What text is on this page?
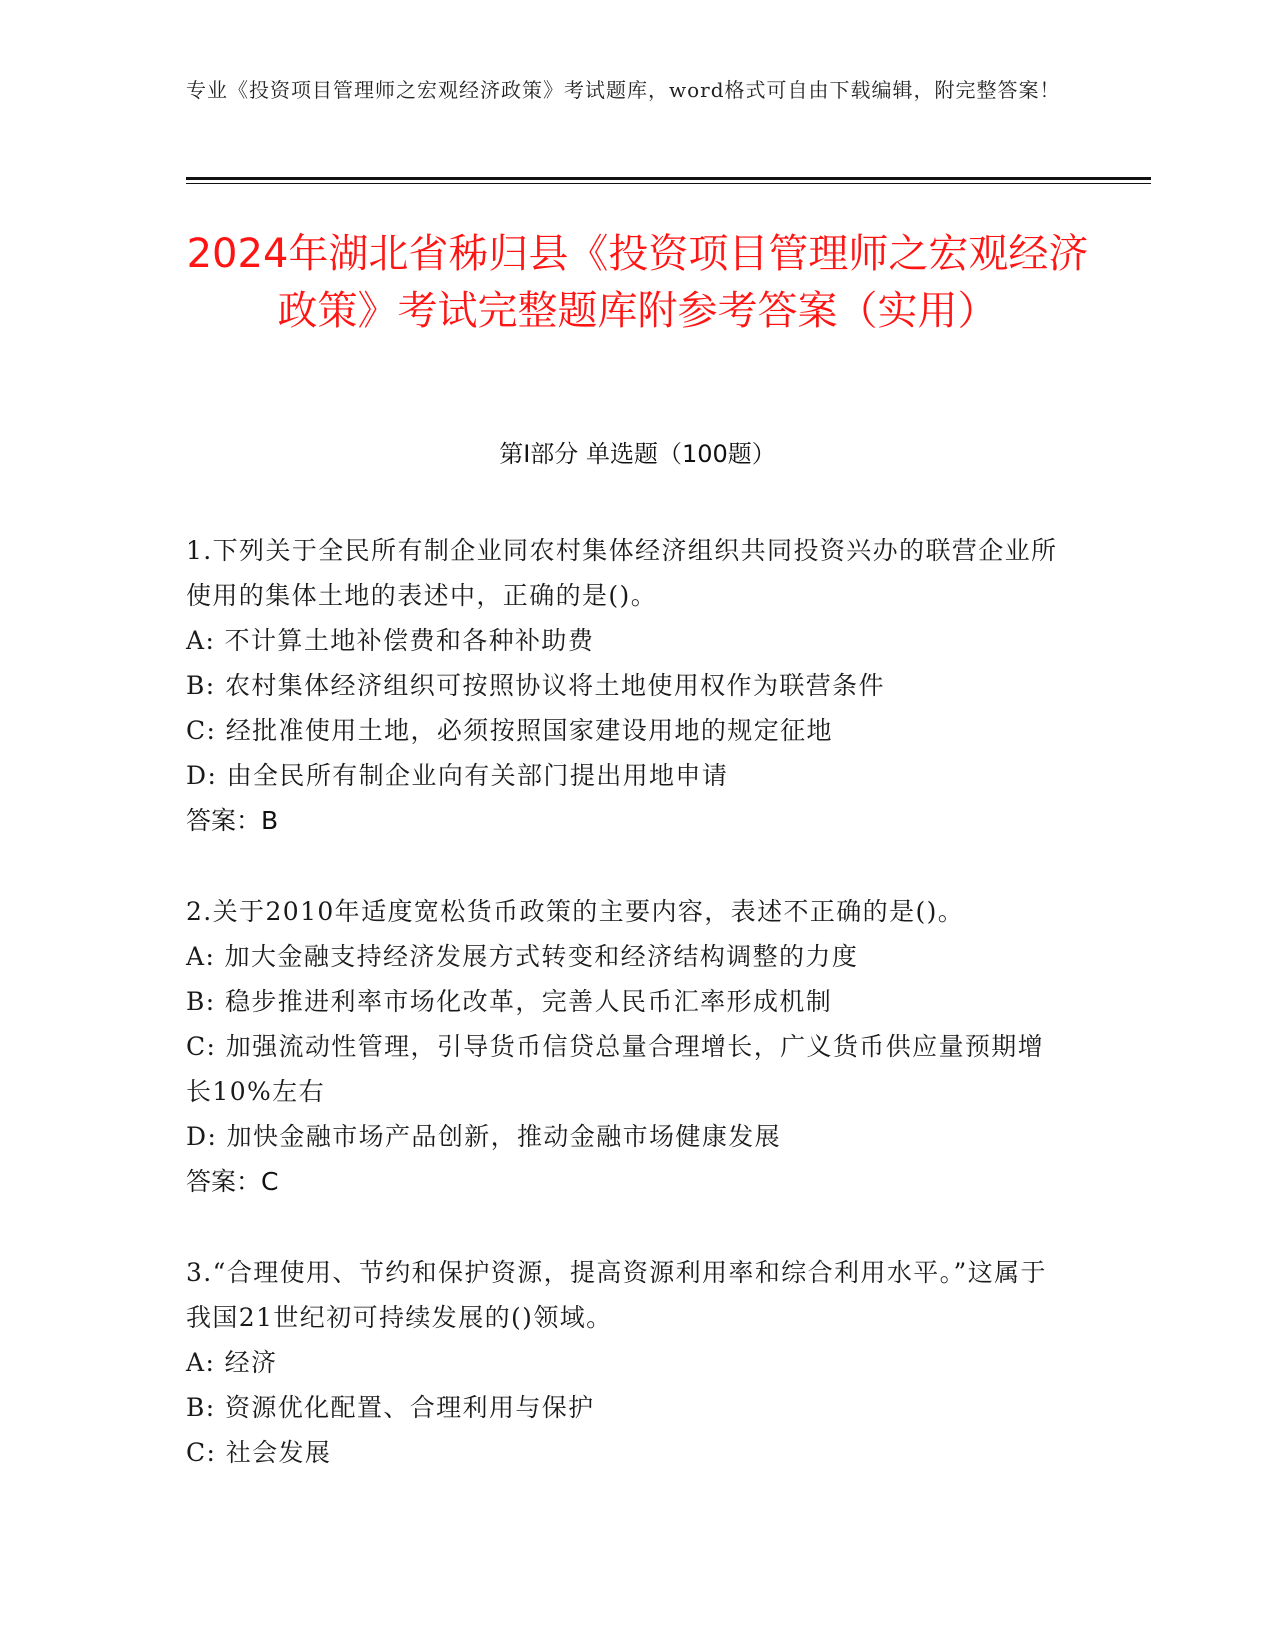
专业《投资项目管理师之宏观经济政策》考试题库，word格式可自由下载编辑，附完整答案！
2024年湖北省秭归县《投资项目管理师之宏观经济政策》考试完整题库附参考答案（实用）
第I部分 单选题（100题）

1.下列关于全民所有制企业同农村集体经济组织共同投资兴办的联营企业所使用的集体土地的表述中，正确的是()。

A: 不计算土地补偿费和各种补助费

B: 农村集体经济组织可按照协议将土地使用权作为联营条件

C: 经批准使用土地，必须按照国家建设用地的规定征地

D: 由全民所有制企业向有关部门提出用地申请

答案：B

2.关于2010年适度宽松货币政策的主要内容，表述不正确的是()。

A: 加大金融支持经济发展方式转变和经济结构调整的力度

B: 稳步推进利率市场化改革，完善人民币汇率形成机制

C: 加强流动性管理，引导货币信贷总量合理增长，广义货币供应量预期增长10%左右

D: 加快金融市场产品创新，推动金融市场健康发展

答案：C

3.“合理使用、节约和保护资源，提高资源利用率和综合利用水平。”这属于我国21世纪初可持续发展的()领域。

A: 经济

B: 资源优化配置、合理利用与保护

C: 社会发展
